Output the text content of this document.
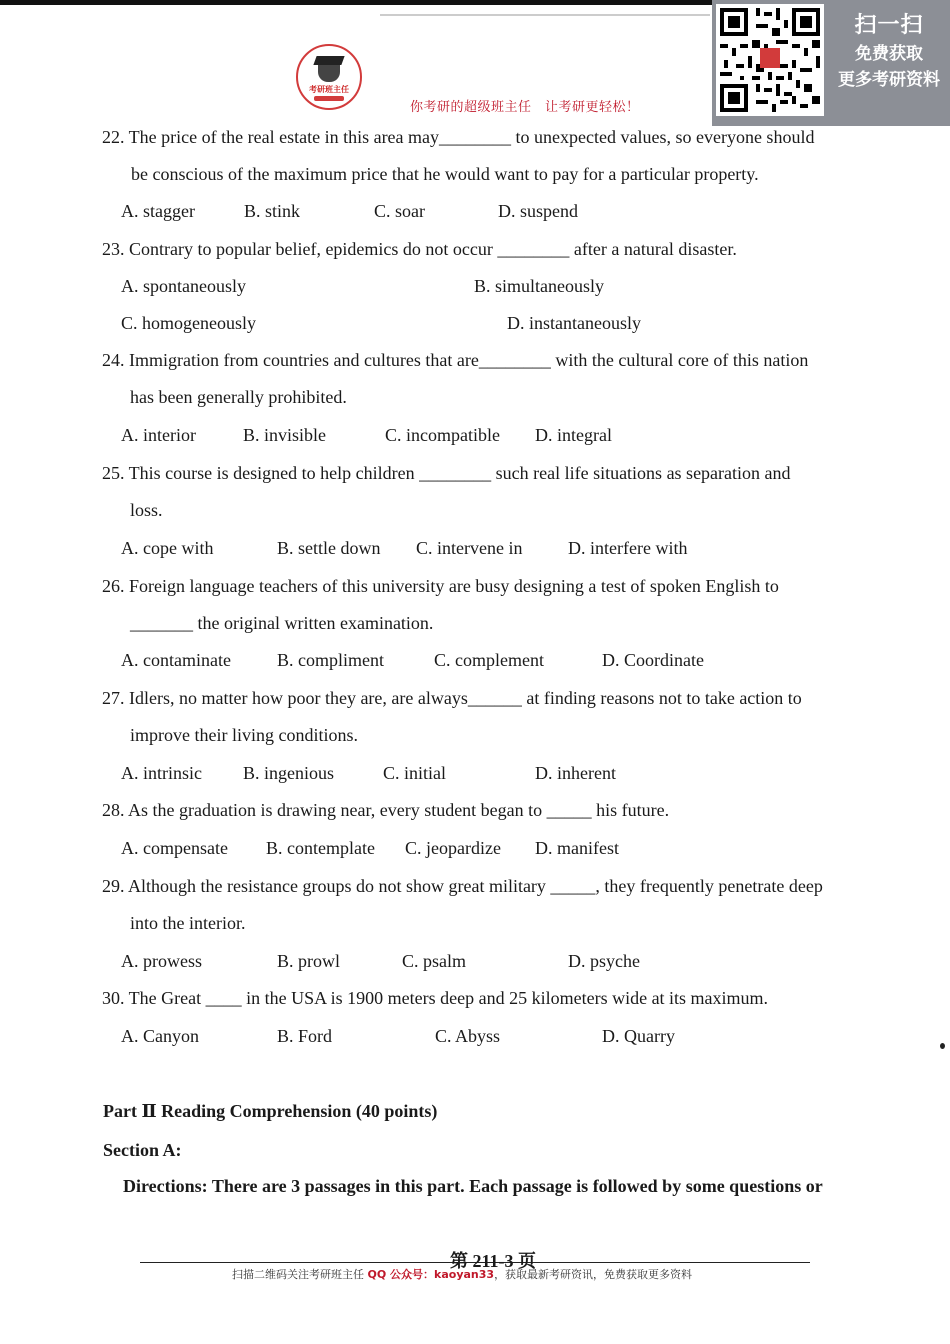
考研班主任
你考研的超级班主任　让考研更轻松！
扫一扫
免费获取
更多考研资料
22. The price of the real estate in this area may________ to unexpected values, so everyone should
be conscious of the maximum price that he would want to pay for a particular property.
A. stagger	B. stink	C. soar	D. suspend
23. Contrary to popular belief, epidemics do not occur ________ after a natural disaster.
A. spontaneously	B. simultaneously
C. homogeneously	D. instantaneously
24. Immigration from countries and cultures that are________ with the cultural core of this nation
has been generally prohibited.
A. interior	B. invisible	C. incompatible D. integral
25. This course is designed to help children ________ such real life situations as separation and
loss.
A. cope with	B. settle down C. intervene in	D. interfere with
26. Foreign language teachers of this university are busy designing a test of spoken English to
_______ the original written examination.
A. contaminate	B. compliment	C. complement	D. Coordinate
27. Idlers, no matter how poor they are, are always______ at finding reasons not to take action to
improve their living conditions.
A. intrinsic B. ingenious	C. initial	D. inherent
28. As the graduation is drawing near, every student began to _____ his future.
A. compensate B. contemplate C. jeopardize D. manifest
29. Although the resistance groups do not show great military _____, they frequently penetrate deep
into the interior.
A. prowess	B. prowl	C. psalm	D. psyche
30. The Great ____ in the USA is 1900 meters deep and 25 kilometers wide at its maximum.
A. Canyon	B. Ford	C. Abyss	D. Quarry
Part Ⅱ Reading Comprehension (40 points)
Section A:
Directions: There are 3 passages in this part. Each passage is followed by some questions or
第 211-3 页
扫描二维码关注考研班主任 QQ 公众号：kaoyan33，获取最新考研资讯，免费获取更多资料
